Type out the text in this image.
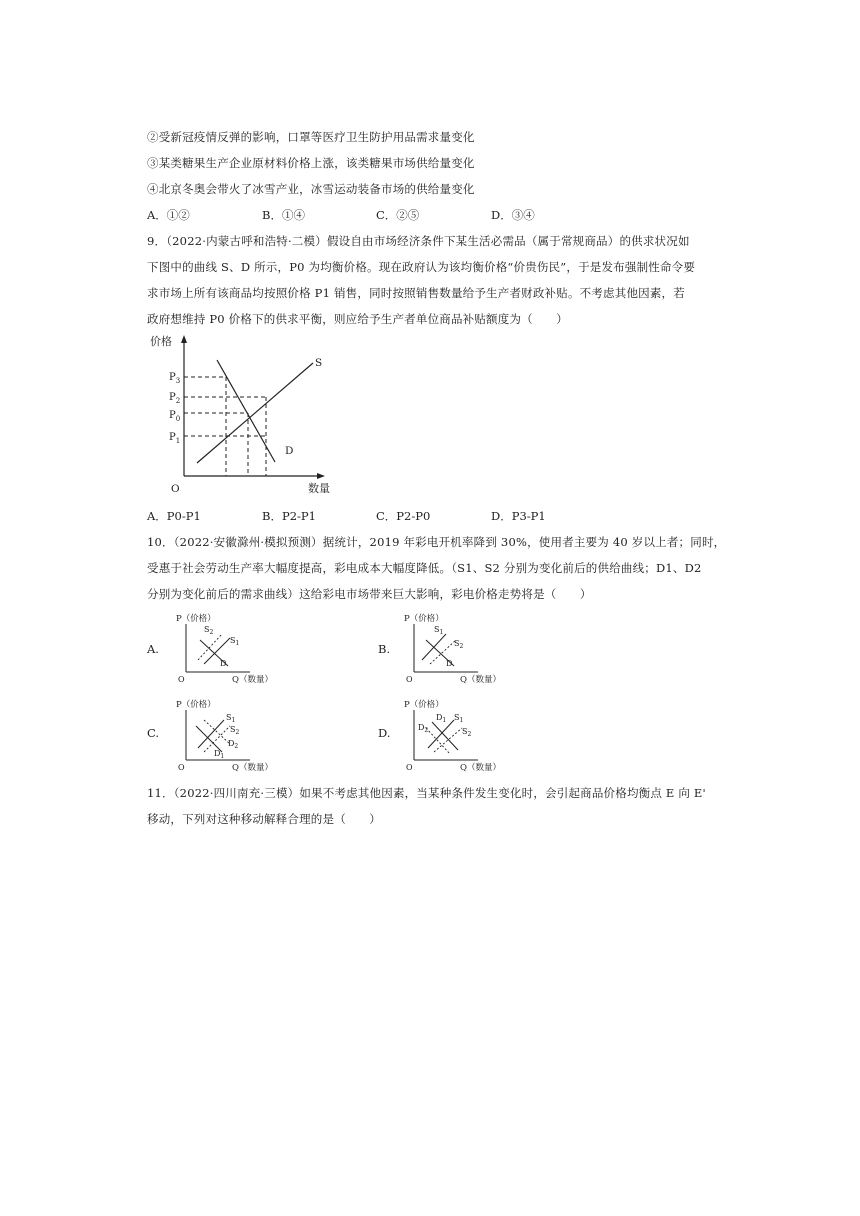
②受新冠疫情反弹的影响，口罩等医疗卫生防护用品需求量变化
③某类糖果生产企业原材料价格上涨，该类糖果市场供给量变化
④北京冬奥会带火了冰雪产业，冰雪运动装备市场的供给量变化
A．①②	B．①④	C．②⑤	D．③④
9．（2022·内蒙古呼和浩特·二模）假设自由市场经济条件下某生活必需品（属于常规商品）的供求状况如
下图中的曲线 S、D 所示，P0 为均衡价格。现在政府认为该均衡价格“价贵伤民”，于是发布强制性命令要
求市场上所有该商品均按照价格 P1 销售，同时按照销售数量给予生产者财政补贴。不考虑其他因素，若
政府想维持 P0 价格下的供求平衡，则应给予生产者单位商品补贴额度为（　　）
价格
数量
O
S
D
$P_3$
$P_2$
$P_0$
$P_1$
A．P0-P1	B．P2-P1	C．P2-P0	D．P3-P1
10．（2022·安徽滁州·模拟预测）据统计，2019 年彩电开机率降到 30%，使用者主要为 40 岁以上者；同时，
受惠于社会劳动生产率大幅度提高，彩电成本大幅度降低。（S1、S2 分别为变化前后的供给曲线；D1、D2
分别为变化前后的需求曲线）这给彩电市场带来巨大影响，彩电价格走势将是（　　）
A.
P（价格）
Q（数量）
O
$S_2$
$S_1$
D
B.
P（价格）
Q（数量）
O
$S_1$
$S_2$
D
C.
P（价格）
Q（数量）
O
$S_1$
$S_2$
$D_2$
$D_1$
D.
P（价格）
Q（数量）
O
$D_1$ $S_1$
$D_2$	$S_2$
11．（2022·四川南充·三模）如果不考虑其他因素，当某种条件发生变化时，会引起商品价格均衡点 E 向 E'
移动，下列对这种移动解释合理的是（　　）
